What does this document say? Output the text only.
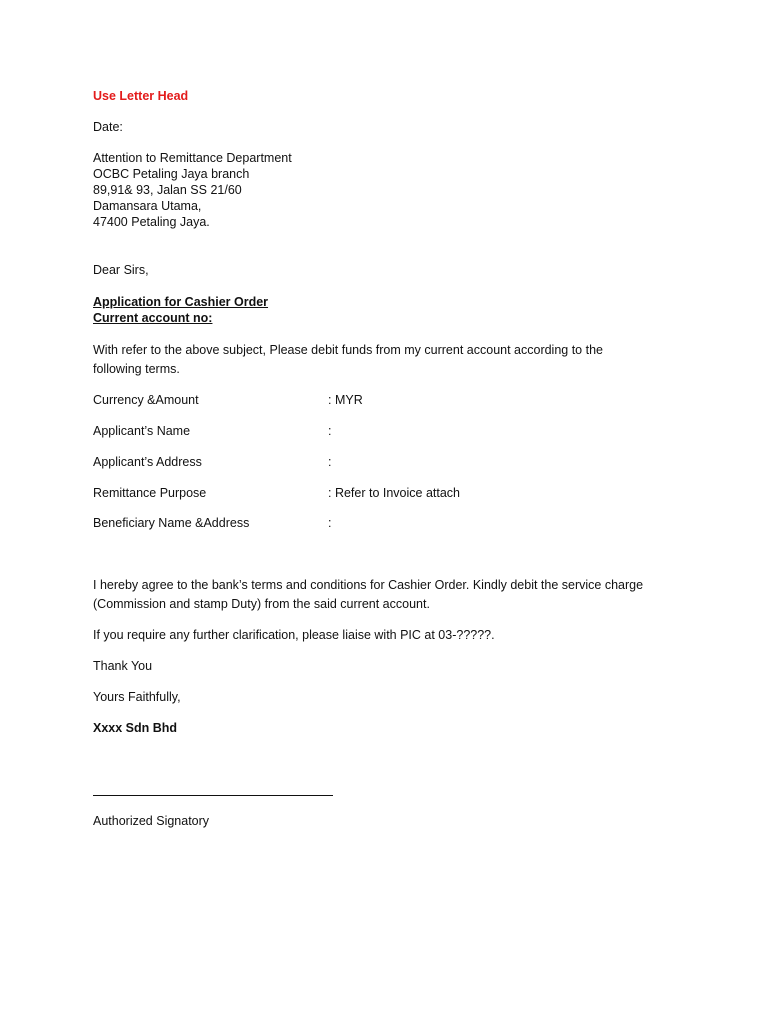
Use Letter Head
Date:
Attention to Remittance Department
OCBC Petaling Jaya branch
89,91& 93, Jalan SS 21/60
Damansara Utama,
47400 Petaling Jaya.
Dear Sirs,
Application for Cashier Order
Current account no:
With refer to the above subject, Please debit funds from my current account according to the
following terms.
Currency &Amount	: MYR
Applicant’s Name	:
Applicant’s Address	:
Remittance Purpose	: Refer to Invoice attach
Beneficiary Name &Address	:
I hereby agree to the bank’s terms and conditions for Cashier Order. Kindly debit the service charge
(Commission and stamp Duty) from the said current account.
If you require any further clarification, please liaise with PIC at 03-?????.
Thank You
Yours Faithfully,
Xxxx Sdn Bhd
Authorized Signatory
